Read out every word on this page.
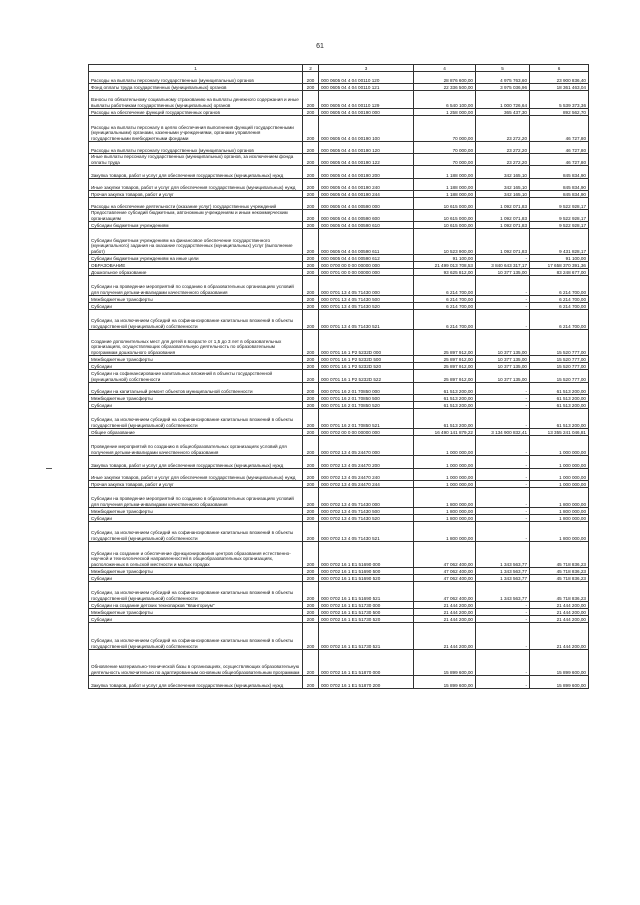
61
1	2	3	4	5	6
Расходы на выплаты персоналу государственных (муниципальных) органов	200	000 0605 04 4 04 00110 120	28 876 600,00	4 975 763,60	23 900 836,40
Фонд оплаты труда государственных (муниципальных) органов	200	000 0605 04 4 04 00110 121	22 336 500,00	3 975 036,96	18 361 463,04
Взносы по обязательному социальному страхованию на выплаты денежного содержания и иные выплаты работникам государственных (муниципальных) органов	200	000 0605 04 4 04 00110 129	6 540 100,00	1 000 726,64	5 539 373,36
Расходы на обеспечение функций государственных органов	200	000 0605 04 4 04 00190 000	1 258 000,00	365 437,30	892 562,70
Расходы на выплаты персоналу в целях обеспечения выполнения функций государственными (муниципальными) органами, казенными учреждениями, органами управления государственными внебюджетными фондами	200	000 0605 04 4 04 00190 100	70 000,00	23 272,20	46 727,80
Расходы на выплаты персоналу государственных (муниципальных) органов	200	000 0605 04 4 04 00190 120	70 000,00	23 272,20	46 727,80
Иные выплаты персоналу государственных (муниципальных) органов, за исключением фонда оплаты труда	200	000 0605 04 4 04 00190 122	70 000,00	23 272,20	46 727,80
Закупка товаров, работ и услуг для обеспечения государственных (муниципальных) нужд	200	000 0605 04 4 04 00190 200	1 188 000,00	342 165,10	845 834,90
Иные закупки товаров, работ и услуг для обеспечения государственных (муниципальных) нужд	200	000 0605 04 4 04 00190 240	1 188 000,00	342 165,10	845 834,90
Прочая закупка товаров, работ и услуг	200	000 0605 04 4 04 00190 244	1 188 000,00	342 165,10	845 834,90
Расходы на обеспечение деятельности (оказание услуг) государственных учреждений	200	000 0605 04 4 04 00590 000	10 615 000,00	1 092 071,83	9 522 928,17
Предоставление субсидий бюджетным, автономным учреждениям и иным некоммерческим организациям	200	000 0605 04 4 04 00590 600	10 615 000,00	1 092 071,83	9 522 928,17
Субсидии бюджетным учреждениям	200	000 0605 04 4 04 00590 610	10 615 000,00	1 092 071,83	9 522 928,17
Субсидии бюджетным учреждениям на финансовое обеспечение государственного (муниципального) задания на оказание государственных (муниципальных) услуг (выполнение работ)	200	000 0605 04 4 04 00590 611	10 523 900,00	1 092 071,83	9 431 828,17
Субсидии бюджетным учреждениям на иные цели	200	000 0605 04 4 04 00590 612	91 100,00	-	91 100,00
ОБРАЗОВАНИЕ	200	000 0700 00 0 00 00000 000	21 499 013 708,53	3 840 643 317,17	17 658 370 391,36
Дошкольное образование	200	000 0701 00 0 00 00000 000	93 625 812,00	10 377 135,00	83 248 677,00
Субсидии на проведение мероприятий по созданию в образовательных организациях условий для получения детьми-инвалидами качественного образования	200	000 0701 13 4 05 71430 000	6 214 700,00	-	6 214 700,00
Межбюджетные трансферты	200	000 0701 13 4 05 71430 500	6 214 700,00	-	6 214 700,00
Субсидии	200	000 0701 13 4 05 71430 520	6 214 700,00	-	6 214 700,00
Субсидии, за исключением субсидий на софинансирование капитальных вложений в объекты государственной (муниципальной) собственности	200	000 0701 13 4 05 71430 521	6 214 700,00	-	6 214 700,00
Создание дополнительных мест для детей в возрасте от 1,5 до 3 лет в образовательных организациях, осуществляющих образовательную деятельность по образовательным программам дошкольного образования	200	000 0701 16 1 P2 5232D 000	25 897 912,00	10 377 135,00	15 520 777,00
Межбюджетные трансферты	200	000 0701 16 1 P2 5232D 500	25 897 912,00	10 377 135,00	15 520 777,00
Субсидии	200	000 0701 16 1 P2 5232D 520	25 897 912,00	10 377 135,00	15 520 777,00
Субсидии на софинансирование капитальных вложений в объекты государственной (муниципальной) собственности	200	000 0701 16 1 P2 5232D 522	25 897 912,00	10 377 135,00	15 520 777,00
Субсидии на капитальный ремонт объектов муниципальной собственности	200	000 0701 16 2 01 70850 000	61 513 200,00	-	61 513 200,00
Межбюджетные трансферты	200	000 0701 16 2 01 70850 500	61 513 200,00	-	61 513 200,00
Субсидии	200	000 0701 16 2 01 70850 520	61 513 200,00	-	61 513 200,00
Субсидии, за исключением субсидий на софинансирование капитальных вложений в объекты государственной (муниципальной) собственности	200	000 0701 16 2 01 70850 521	61 513 200,00	-	61 513 200,00
Общее образование	200	000 0702 00 0 00 00000 000	16 490 141 879,22	3 134 900 832,41	13 355 241 046,81
Проведение мероприятий по созданию в общеобразовательных организациях условий для получения детьми-инвалидами качественного образования	200	000 0702 13 4 05 24470 000	1 000 000,00	-	1 000 000,00
Закупка товаров, работ и услуг для обеспечения государственных (муниципальных) нужд	200	000 0702 13 4 05 24470 200	1 000 000,00	-	1 000 000,00
Иные закупки товаров, работ и услуг для обеспечения государственных (муниципальных) нужд	200	000 0702 13 4 05 24470 240	1 000 000,00	-	1 000 000,00
Прочая закупка товаров, работ и услуг	200	000 0702 13 4 05 24470 244	1 000 000,00	-	1 000 000,00
Субсидии на проведение мероприятий по созданию в образовательных организациях условий для получения детьми-инвалидами качественного образования	200	000 0702 13 4 05 71430 000	1 800 000,00	-	1 800 000,00
Межбюджетные трансферты	200	000 0702 13 4 05 71430 500	1 800 000,00	-	1 800 000,00
Субсидии	200	000 0702 13 4 05 71430 520	1 800 000,00	-	1 800 000,00
Субсидии, за исключением субсидий на софинансирование капитальных вложений в объекты государственной (муниципальной) собственности	200	000 0702 13 4 05 71430 521	1 800 000,00	-	1 800 000,00
Субсидии на создание и обеспечение функционирования центров образования естественно-научной и технологической направленностей в общеобразовательных организациях, расположенных в сельской местности и малых городах	200	000 0702 16 1 E1 51690 000	47 062 400,00	1 343 563,77	45 718 836,23
Межбюджетные трансферты	200	000 0702 16 1 E1 51690 500	47 062 400,00	1 343 563,77	45 718 836,23
Субсидии	200	000 0702 16 1 E1 51690 520	47 062 400,00	1 343 563,77	45 718 836,23
Субсидии, за исключением субсидий на софинансирование капитальных вложений в объекты государственной (муниципальной) собственности	200	000 0702 16 1 E1 51690 521	47 062 400,00	1 343 563,77	45 718 836,23
Субсидии на создание детских технопарков "Кванториум"	200	000 0702 16 1 E1 51730 000	21 444 200,00	-	21 444 200,00
Межбюджетные трансферты	200	000 0702 16 1 E1 51730 500	21 444 200,00	-	21 444 200,00
Субсидии	200	000 0702 16 1 E1 51730 520	21 444 200,00	-	21 444 200,00
Субсидии, за исключением субсидий на софинансирование капитальных вложений в объекты государственной (муниципальной) собственности	200	000 0702 16 1 E1 51730 521	21 444 200,00	-	21 444 200,00
Обновление материально-технической базы в организациях, осуществляющих образовательную деятельность исключительно по адаптированным основным общеобразовательным программам	200	000 0702 16 1 E1 51870 000	15 899 600,00	-	15 899 600,00
Закупка товаров, работ и услуг для обеспечения государственных (муниципальных) нужд	200	000 0702 16 1 E1 51870 200	15 899 600,00	-	15 899 600,00
